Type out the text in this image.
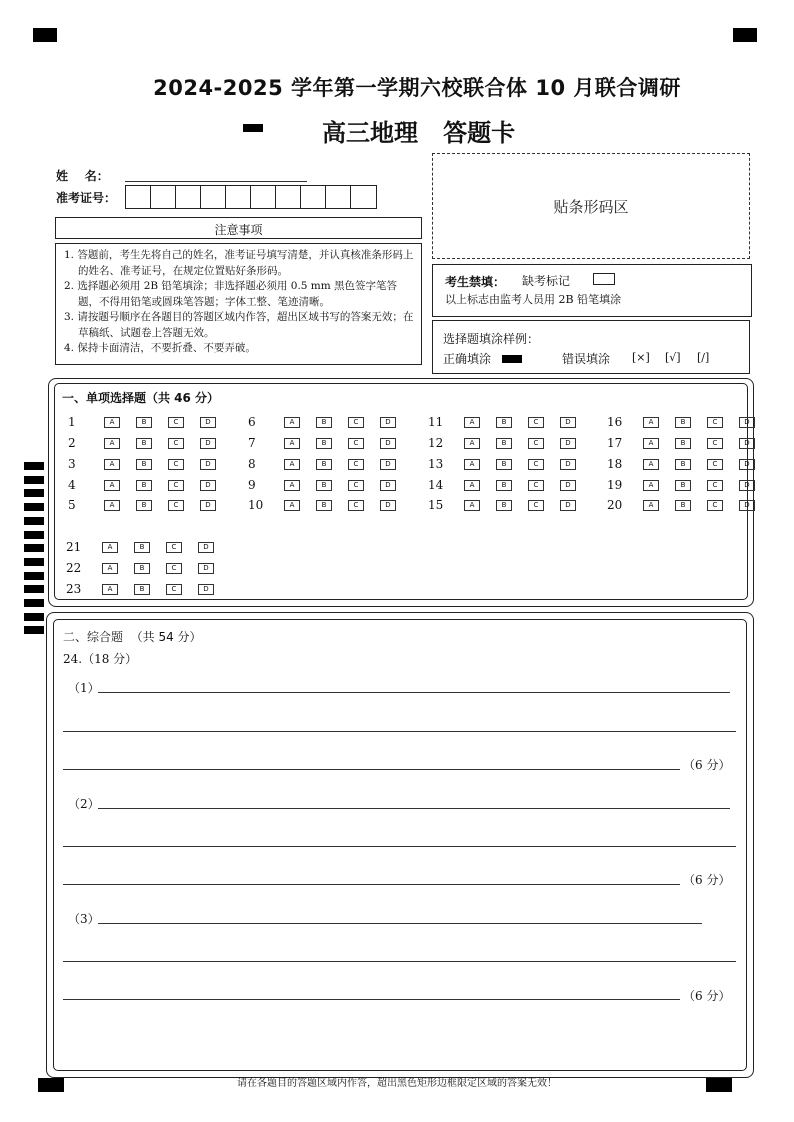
2024-2025 学年第一学期六校联合体 10 月联合调研
高三地理   答题卡
姓    名：
准考证号：
注意事项
1. 答题前，考生先将自己的姓名，准考证号填写清楚，并认真核准条形码上的姓名、准考证号，在规定位置贴好条形码。
2. 选择题必须用 2B 铅笔填涂；非选择题必须用 0.5 mm 黑色签字笔答题，不得用铅笔或圆珠笔答题；字体工整、笔迹清晰。
3. 请按题号顺序在各题目的答题区域内作答，超出区域书写的答案无效；在草稿纸、试题卷上答题无效。
4. 保持卡面清洁，不要折叠、不要弄破。
贴条形码区
考生禁填： 缺考标记
以上标志由监考人员用 2B 铅笔填涂
选择题填涂样例：
正确填涂	错误填涂 [×] [√] [/]
一、单项选择题（共 46 分）
1	A	B	C	D
2	A	B	C	D
3	A	B	C	D
4	A	B	C	D
5	A	B	C	D
6	A	B	C	D
7	A	B	C	D
8	A	B	C	D
9	A	B	C	D
10	A	B	C	D
11	A	B	C	D
12	A	B	C	D
13	A	B	C	D
14	A	B	C	D
15	A	B	C	D
16	A	B	C	D
17	A	B	C	D
18	A	B	C	D
19	A	B	C	D
20	A	B	C	D
21	A	B	C	D
22	A	B	C	D
23	A	B	C	D
二、综合题  （共 54 分）
24.（18 分）
（1）
（6 分）
（2）
（6 分）
（3）
（6 分）
请在各题目的答题区域内作答，超出黑色矩形边框限定区域的答案无效！
